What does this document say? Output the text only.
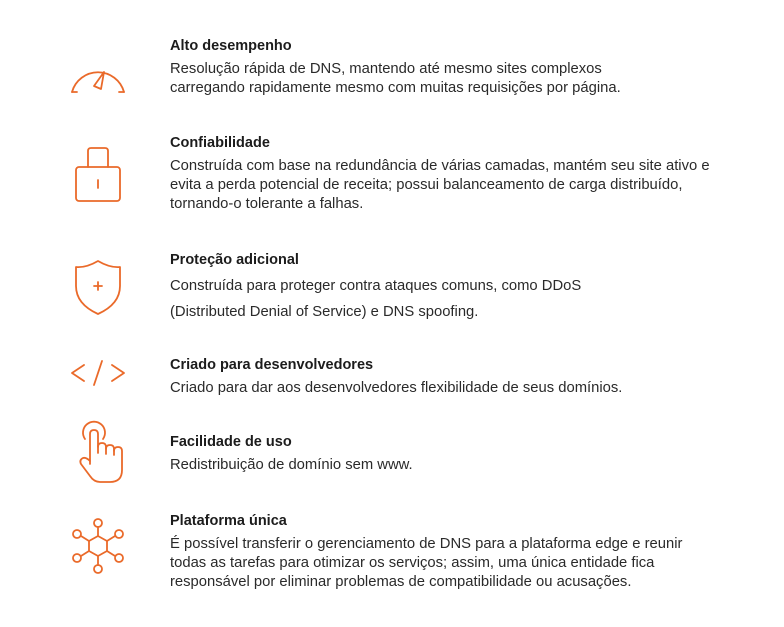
Alto desempenho

Resolução rápida de DNS, mantendo até mesmo sites complexos carregando rapidamente mesmo com muitas requisições por página.

Confiabilidade

Construída com base na redundância de várias camadas, mantém seu site ativo e evita a perda potencial de receita; possui balanceamento de carga distribuído, tornando-o tolerante a falhas.

Proteção adicional

Construída para proteger contra ataques comuns, como DDoS (Distributed Denial of Service) e DNS spoofing.

Criado para desenvolvedores

Criado para dar aos desenvolvedores flexibilidade de seus domínios.

Facilidade de uso

Redistribuição de domínio sem www.

Plataforma única

É possível transferir o gerenciamento de DNS para a plataforma edge e reunir todas as tarefas para otimizar os serviços; assim, uma única entidade fica responsável por eliminar problemas de compatibilidade ou acusações.
